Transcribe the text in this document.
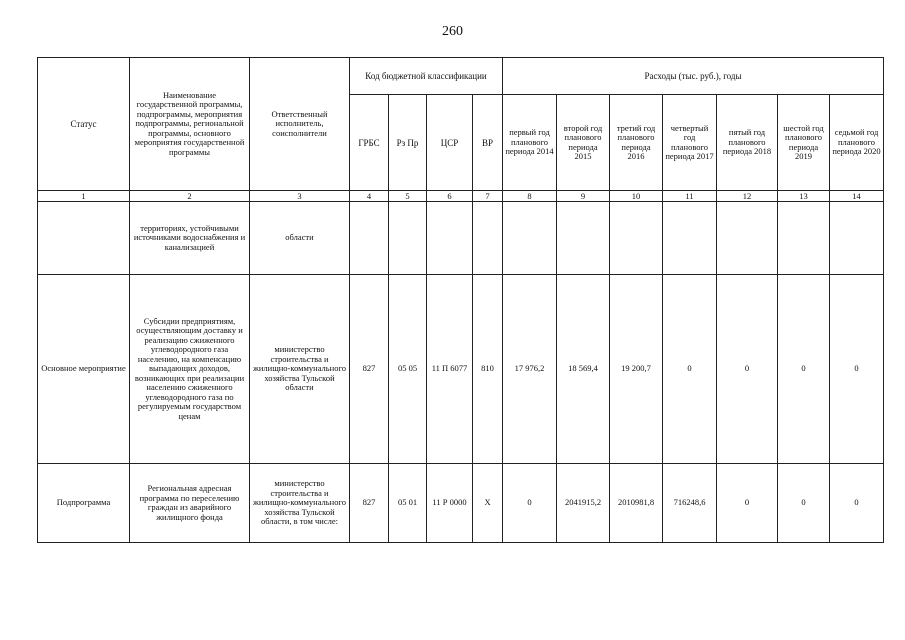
260
Статус	Наименование государственной программы, подпрограммы, мероприятия подпрограммы, региональной программы, основного мероприятия государственной программы	Ответственный исполнитель, соисполнители	Код бюджетной классификации				Расходы (тыс. руб.), годы						
			ГРБС	Рз Пр	ЦСР	ВР	первый год планового периода 2014	второй год планового периода 2015	третий год планового периода 2016	четвертый год планового периода 2017	пятый год планового периода 2018	шестой год планового периода 2019	седьмой год планового периода 2020
1	2	3	4	5	6	7	8	9	10	11	12	13	14
	территориях, устойчивыми источниками водоснабжения и канализацией	области											
Основное мероприятие	Субсидии предприятиям, осуществляющим доставку и реализацию сжиженного углеводородного газа населению, на компенсацию выпадающих доходов, возникающих при реализации населению сжиженного углеводородного газа по регулируемым государством ценам	министерство строительства и жилищно-коммунального хозяйства Тульской области	827	05 05	11 П 6077	810	17 976,2	18 569,4	19 200,7	0	0	0	0
Подпрограмма	Региональная адресная программа по переселению граждан из аварийного жилищного фонда	министерство строительства и жилищно-коммунального хозяйства Тульской области, в том числе:	827	05 01	11 Р 0000	Х	0	2041915,2	2010981,8	716248,6	0	0	0
